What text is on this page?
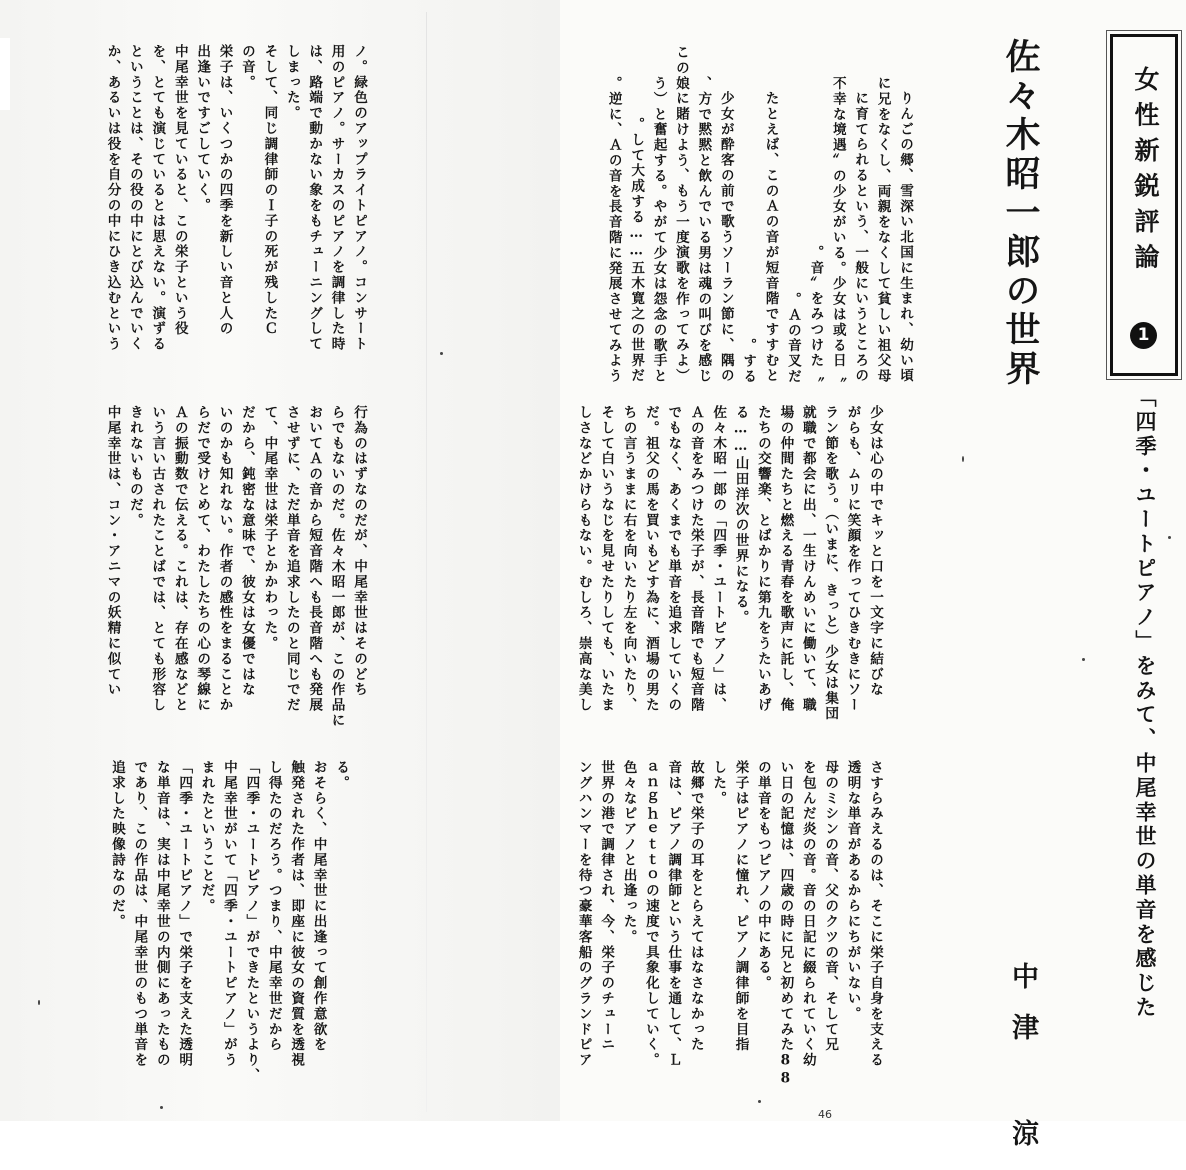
女性新鋭評論

1

「四季・ユートピアノ」をみて、中尾幸世の単音を感じた

中津 涼

佐々木昭一郎の世界

りんごの郷、雪深い北国に生まれ、幼い頃
に兄をなくし、両親をなくして貧しい祖父母
に育てられるという、一般にいうところの
〝不幸な境遇〟の少女がいる。少女は或る日
〝音〟をみつけた。
Ａの音叉だ。
たとえば、このＡの音が短音階ですすむと
する。
少女が酔客の前で歌うソーラン節に、隅の
方で黙黙と飲んでいる男は魂の叫びを感じ、
（この娘に賭けよう、もう一度演歌を作ってみよ
う）と奮起する。やがて少女は怨念の歌手と
して大成する……五木寛之の世界だ。
逆に、Ａの音を長音階に発展させてみよう。

ノ。緑色のアップライトピアノ。コンサート
用のピアノ。サーカスのピアノを調律した時
は、路端で動かない象をもチューニングして
しまった。
そして、同じ調律師のＩ子の死が残したＣ
の音。
栄子は、いくつかの四季を新しい音と人の
出逢いですごしていく。
中尾幸世を見ていると、この栄子という役
を、とても演じているとは思えない。演ずる
ということは、その役の中にとび込んでいく
か、あるいは役を自分の中にひき込むという

少女は心の中でキッと口を一文字に結びな
がらも、ムリに笑顔を作ってひきむきにソー
ラン節を歌う。（いまに、きっと）少女は集団
就職で都会に出、一生けんめいに働いて、職
場の仲間たちと燃える青春を歌声に託し、俺
たちの交響楽、とばかりに第九をうたいあげ
る……山田洋次の世界になる。
佐々木昭一郎の「四季・ユートピアノ」は、
Ａの音をみつけた栄子が、長音階でも短音階
でもなく、あくまでも単音を追求していくの
だ。祖父の馬を買いもどす為に、酒場の男た
ちの言うままに右を向いたり左を向いたり、
そして白いうなじを見せたりしても、いたま
しさなどかけらもない。むしろ、崇高な美し

行為のはずなのだが、中尾幸世はそのどち
らでもないのだ。佐々木昭一郎が、この作品に
おいてＡの音から短音階へも長音階へも発展
させずに、ただ単音を追求したのと同じでだ
て、中尾幸世は栄子とかかわった。
だから、鈍密な意味で、彼女は女優ではな
いのかも知れない。作者の感性をまることか
らだで受けとめて、わたしたちの心の琴線に
Ａの振動数で伝える。これは、存在感などと
いう言い古されたことばでは、とても形容し
きれないものだ。
中尾幸世は、コン・アニマの妖精に似てい

さすらみえるのは、そこに栄子自身を支える
透明な単音があるからにちがいない。
母のミシンの音、父のクツの音、そして兄
を包んだ炎の音。音の日記に綴られていく幼
い日の記憶は、四歳の時に兄と初めてみた88
の単音をもつピアノの中にある。
栄子はピアノに憧れ、ピアノ調律師を目指
した。
故郷で栄子の耳をとらえてはなさなかった
音は、ピアノ調律師という仕事を通して、Ｌ
ａｎｇｈｅｔｔｏの速度で具象化していく。
色々なピアノと出逢った。
世界の港で調律され、今、栄子のチューニ
ングハンマーを待つ豪華客船のグランドピア

る。
おそらく、中尾幸世に出逢って創作意欲を
触発された作者は、即座に彼女の資質を透視
し得たのだろう。つまり、中尾幸世だから
「四季・ユートピアノ」ができたというより、
中尾幸世がいて「四季・ユートピアノ」がう
まれたということだ。
「四季・ユートピアノ」で栄子を支えた透明
な単音は、実は中尾幸世の内側にあったもの
であり、この作品は、中尾幸世のもつ単音を
追求した映像詩なのだ。

46
